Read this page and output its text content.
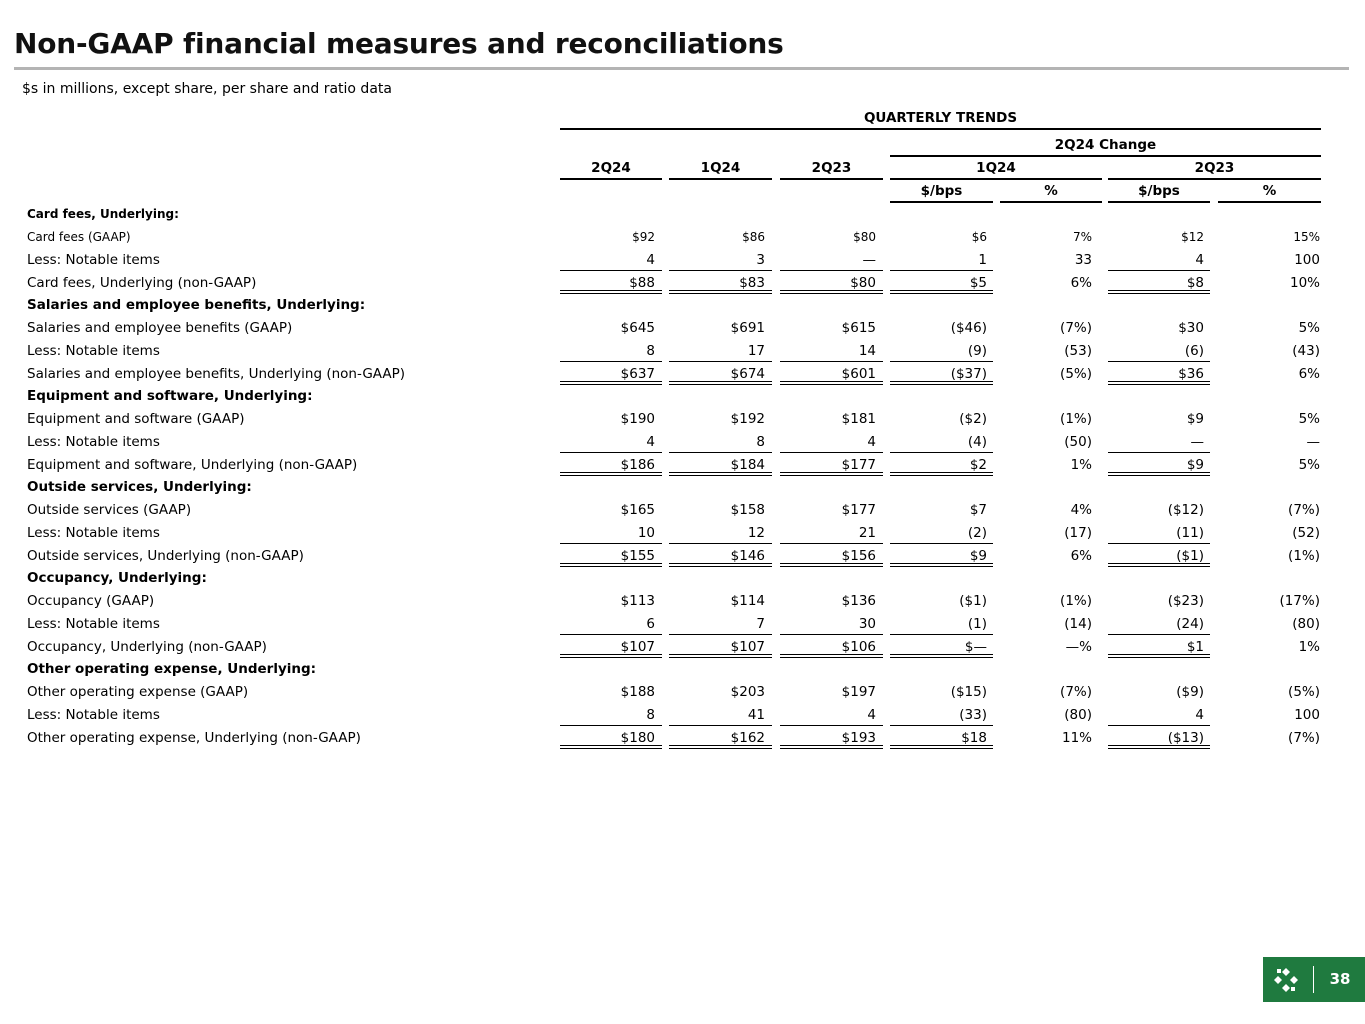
Non-GAAP financial measures and reconciliations
$s in millions, except share, per share and ratio data
QUARTERLY TRENDS
2Q24 Change
2Q24	1Q24	2Q23	1Q24	2Q23
$/bps	%	$/bps	%
Card fees, Underlying:
Card fees (GAAP)	$92	$86	$80	$6	7%	$12	15%
Less: Notable items	4	3	—	1	33	4	100
Card fees, Underlying (non-GAAP)	$88	$83	$80	$5	6%	$8	10%
Salaries and employee benefits, Underlying:
Salaries and employee benefits (GAAP)	$645	$691	$615	($46)	(7%)	$30	5%
Less: Notable items	8	17	14	(9)	(53)	(6)	(43)
Salaries and employee benefits, Underlying (non-GAAP)	$637	$674	$601	($37)	(5%)	$36	6%
Equipment and software, Underlying:
Equipment and software (GAAP)	$190	$192	$181	($2)	(1%)	$9	5%
Less: Notable items	4	8	4	(4)	(50)	—	—
Equipment and software, Underlying (non-GAAP)	$186	$184	$177	$2	1%	$9	5%
Outside services, Underlying:
Outside services (GAAP)	$165	$158	$177	$7	4%	($12)	(7%)
Less: Notable items	10	12	21	(2)	(17)	(11)	(52)
Outside services, Underlying (non-GAAP)	$155	$146	$156	$9	6%	($1)	(1%)
Occupancy, Underlying:
Occupancy (GAAP)	$113	$114	$136	($1)	(1%)	($23)	(17%)
Less: Notable items	6	7	30	(1)	(14)	(24)	(80)
Occupancy, Underlying (non-GAAP)	$107	$107	$106	$—	—%	$1	1%
Other operating expense, Underlying:
Other operating expense (GAAP)	$188	$203	$197	($15)	(7%)	($9)	(5%)
Less: Notable items	8	41	4	(33)	(80)	4	100
Other operating expense, Underlying (non-GAAP)	$180	$162	$193	$18	11%	($13)	(7%)
38
